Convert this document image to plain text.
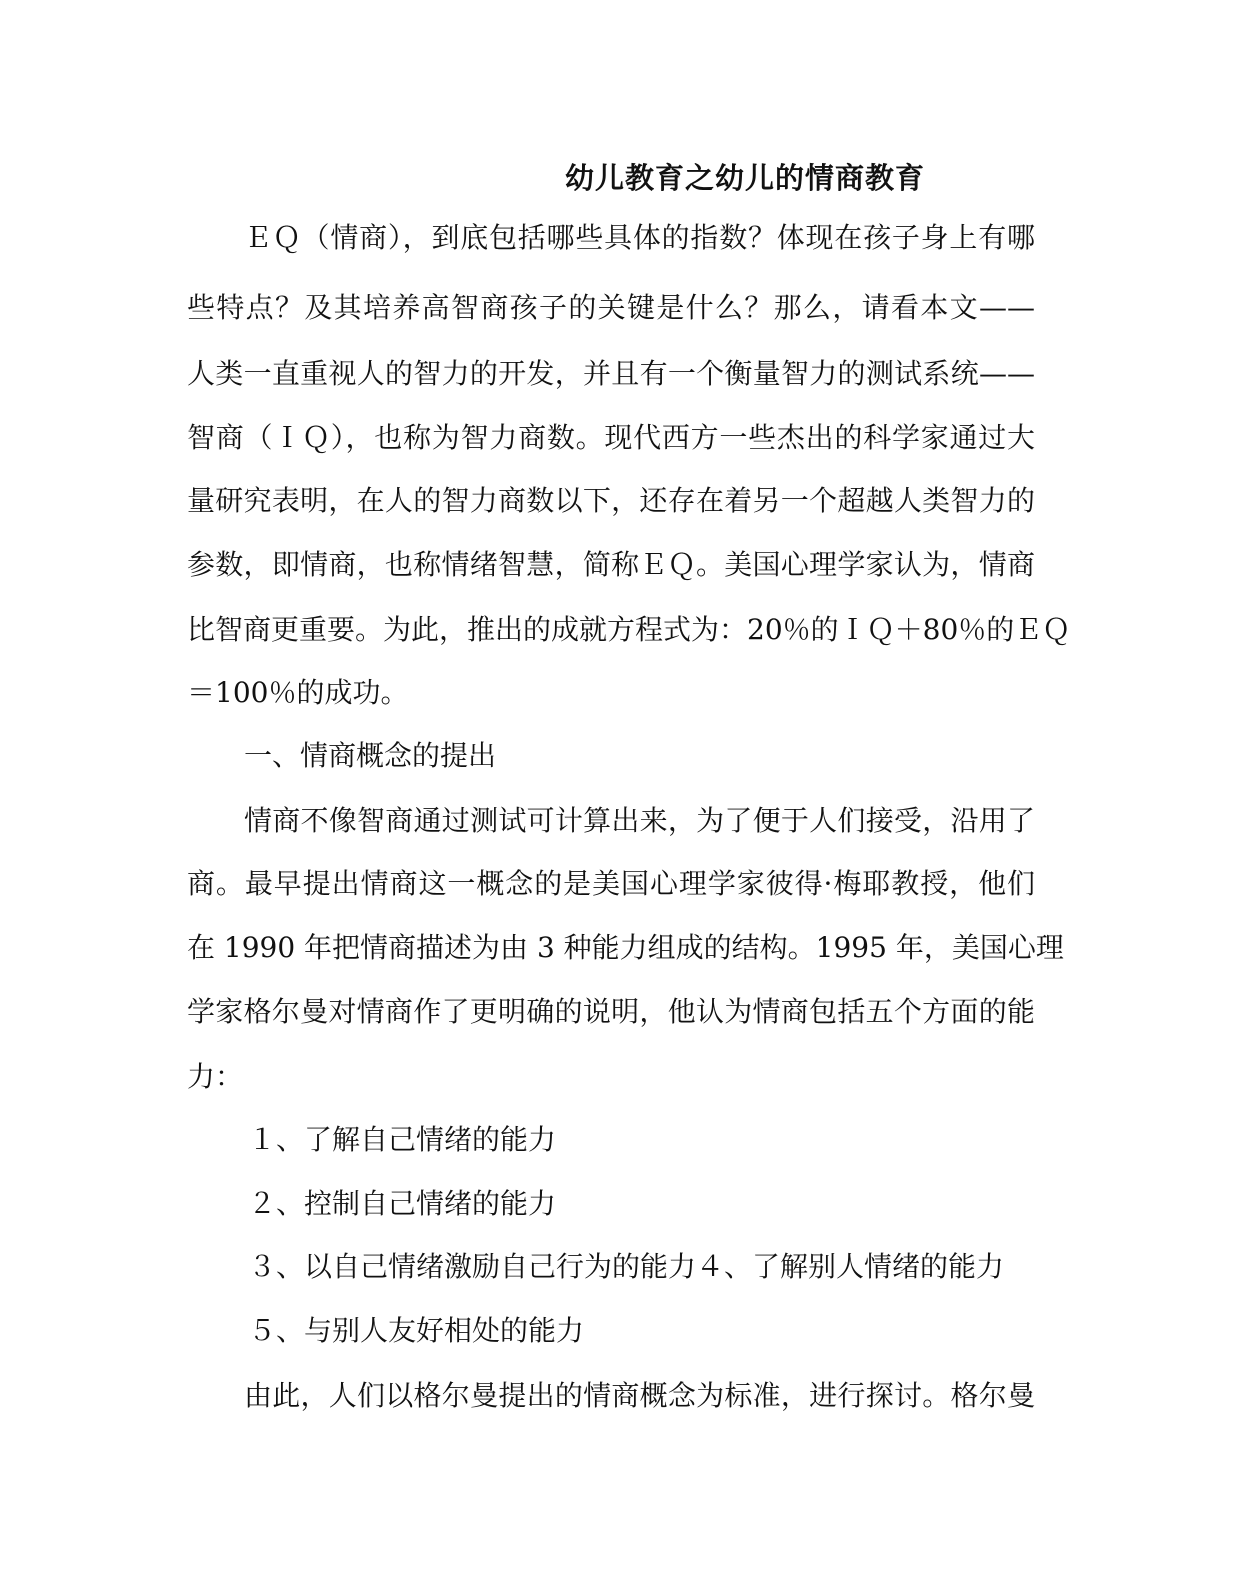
幼儿教育之幼儿的情商教育
ＥＱ（情商），到底包括哪些具体的指数？体现在孩子身上有哪
些特点？及其培养高智商孩子的关键是什么？那么，请看本文——
人类一直重视人的智力的开发，并且有一个衡量智力的测试系统——
智商（ＩＱ），也称为智力商数。现代西方一些杰出的科学家通过大
量研究表明，在人的智力商数以下，还存在着另一个超越人类智力的
参数，即情商，也称情绪智慧，简称ＥＱ。美国心理学家认为，情商
比智商更重要。为此，推出的成就方程式为：20％的ＩＱ＋80％的ＥＱ
＝100％的成功。
一、情商概念的提出
情商不像智商通过测试可计算出来，为了便于人们接受，沿用了
商。最早提出情商这一概念的是美国心理学家彼得·梅耶教授，他们
在 1990 年把情商描述为由 3 种能力组成的结构。1995 年，美国心理
学家格尔曼对情商作了更明确的说明，他认为情商包括五个方面的能
力：
１、了解自己情绪的能力
２、控制自己情绪的能力
３、以自己情绪激励自己行为的能力４、了解别人情绪的能力
５、与别人友好相处的能力
由此，人们以格尔曼提出的情商概念为标准，进行探讨。格尔曼
